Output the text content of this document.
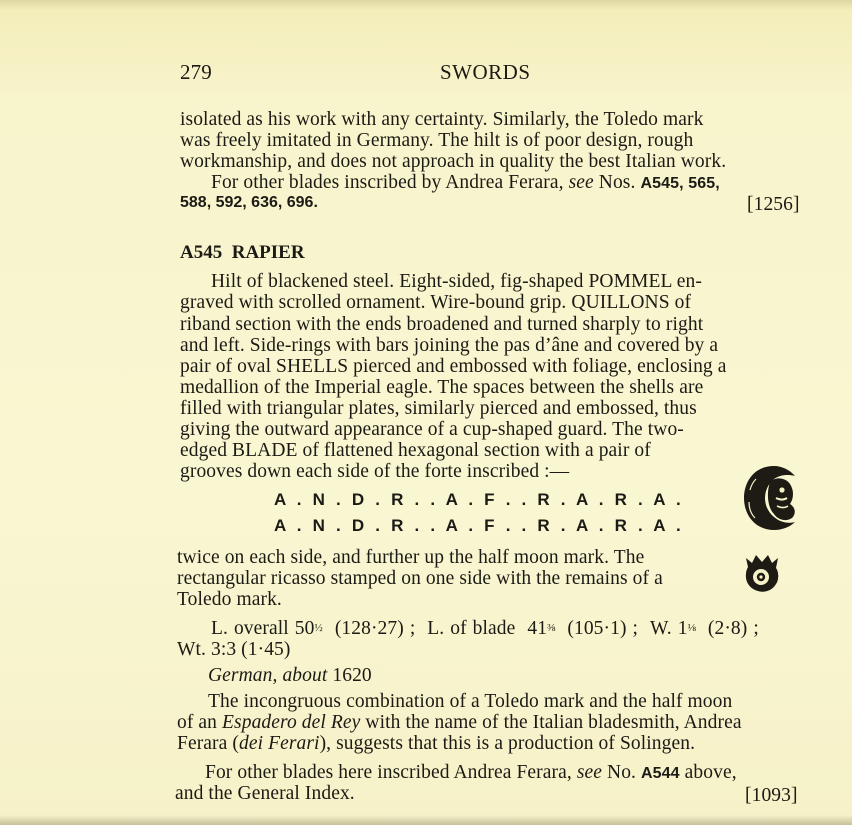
279	SWORDS
isolated as his work with any certainty. Similarly, the Toledo mark
was freely imitated in Germany. The hilt is of poor design, rough
workmanship, and does not approach in quality the best Italian work.
For other blades inscribed by Andrea Ferara, see Nos. A545, 565,
588, 592, 636, 696.	[1256]
A545 RAPIER
Hilt of blackened steel. Eight-sided, fig-shaped POMMEL en-
graved with scrolled ornament. Wire-bound grip. QUILLONS of
riband section with the ends broadened and turned sharply to right
and left. Side-rings with bars joining the pas d’âne and covered by a
pair of oval SHELLS pierced and embossed with foliage, enclosing a
medallion of the Imperial eagle. The spaces between the shells are
filled with triangular plates, similarly pierced and embossed, thus
giving the outward appearance of a cup-shaped guard. The two-
edged BLADE of flattened hexagonal section with a pair of
grooves down each side of the forte inscribed :—
A . N . D . R . . A . F . . R . A . R . A .
A . N . D . R . . A . F . . R . A . R . A .
twice on each side, and further up the half moon mark. The
rectangular ricasso stamped on one side with the remains of a
Toledo mark.
L. overall 50½ (128·27) ; L. of blade 41⅜ (105·1) ; W. 1⅛ (2·8) ;
Wt. 3:3 (1·45)
German, about 1620
The incongruous combination of a Toledo mark and the half moon
of an Espadero del Rey with the name of the Italian bladesmith, Andrea
Ferara (dei Ferari), suggests that this is a production of Solingen.
For other blades here inscribed Andrea Ferara, see No. A544 above,
and the General Index.	[1093]
